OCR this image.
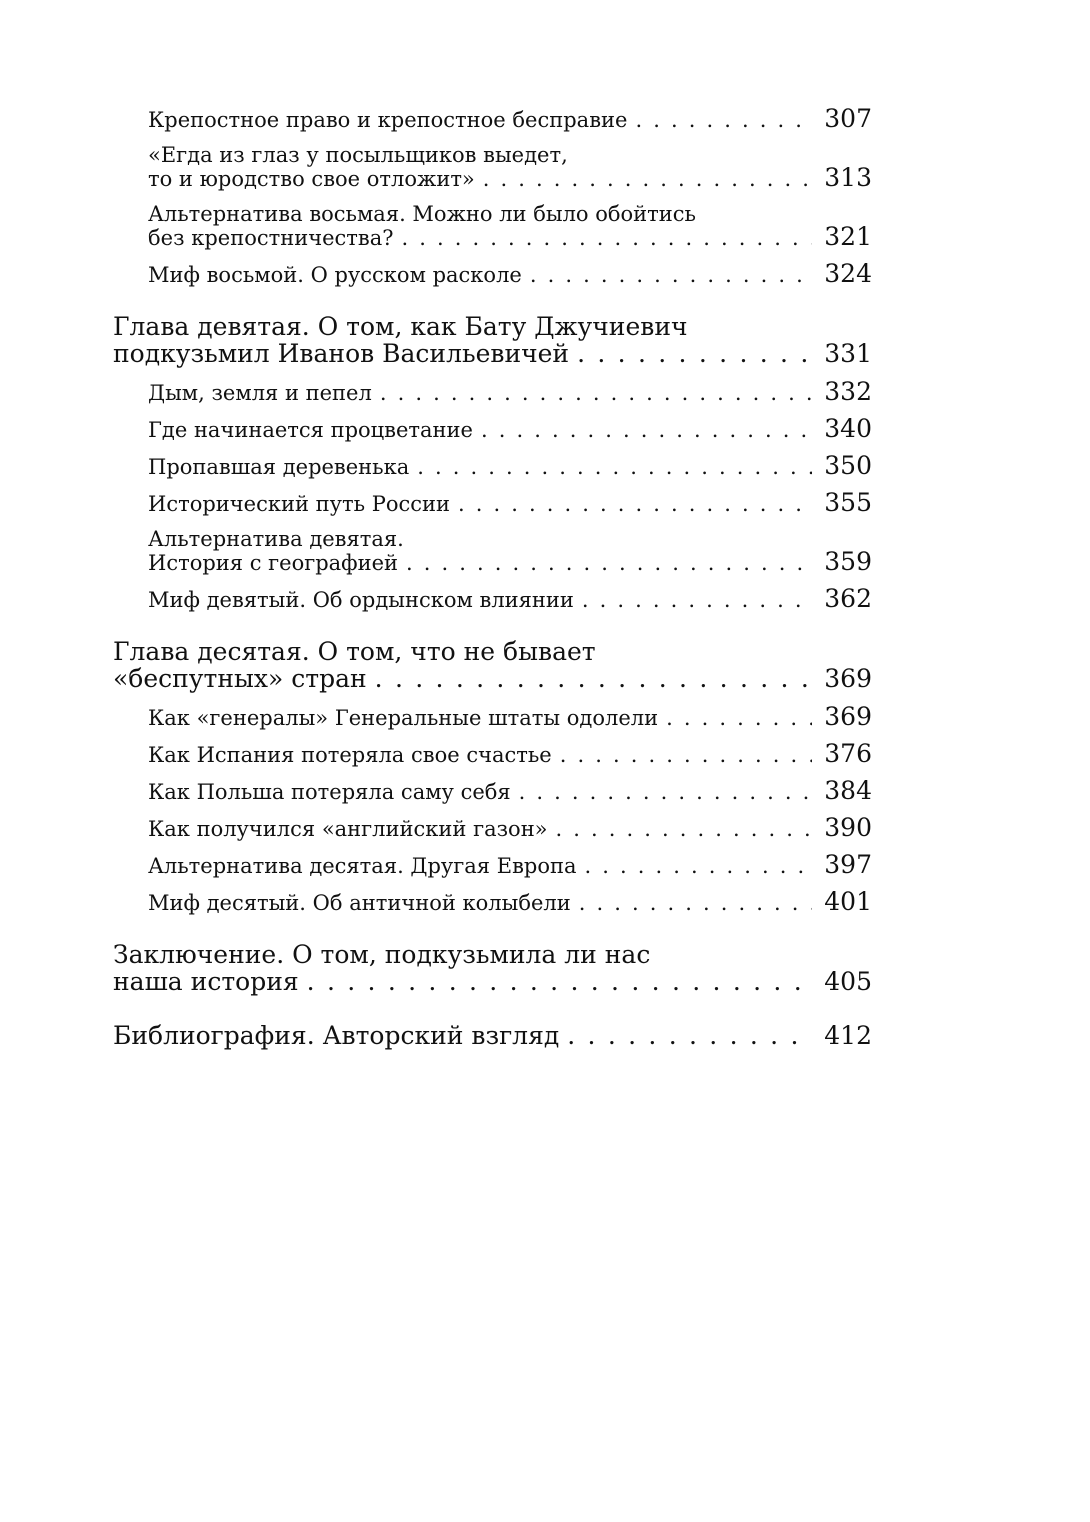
Крепостное право и крепостное бесправие . . .	307
«Егда из глаз у посыльщиков выедет,
то и юродство свое отложит» . . .	313
Альтернатива восьмая. Можно ли было обойтись
без крепостничества? . . .	321
Миф восьмой. О русском расколе . . .	324
Глава девятая. О том, как Бату Джучиевич
подкузьмил Иванов Васильевичей . . .	331
Дым, земля и пепел . . .	332
Где начинается процветание . . .	340
Пропавшая деревенька . . .	350
Исторический путь России . . .	355
Альтернатива девятая.
История с географией . . .	359
Миф девятый. Об ордынском влиянии . . .	362
Глава десятая. О том, что не бывает
«беспутных» стран . . .	369
Как «генералы» Генеральные штаты одолели . . .	369
Как Испания потеряла свое счастье . . .	376
Как Польша потеряла саму себя . . .	384
Как получился «английский газон» . . .	390
Альтернатива десятая. Другая Европа . . .	397
Миф десятый. Об античной колыбели . . .	401
Заключение. О том, подкузьмила ли нас
наша история . . .	405
Библиография. Авторский взгляд . . .	412
